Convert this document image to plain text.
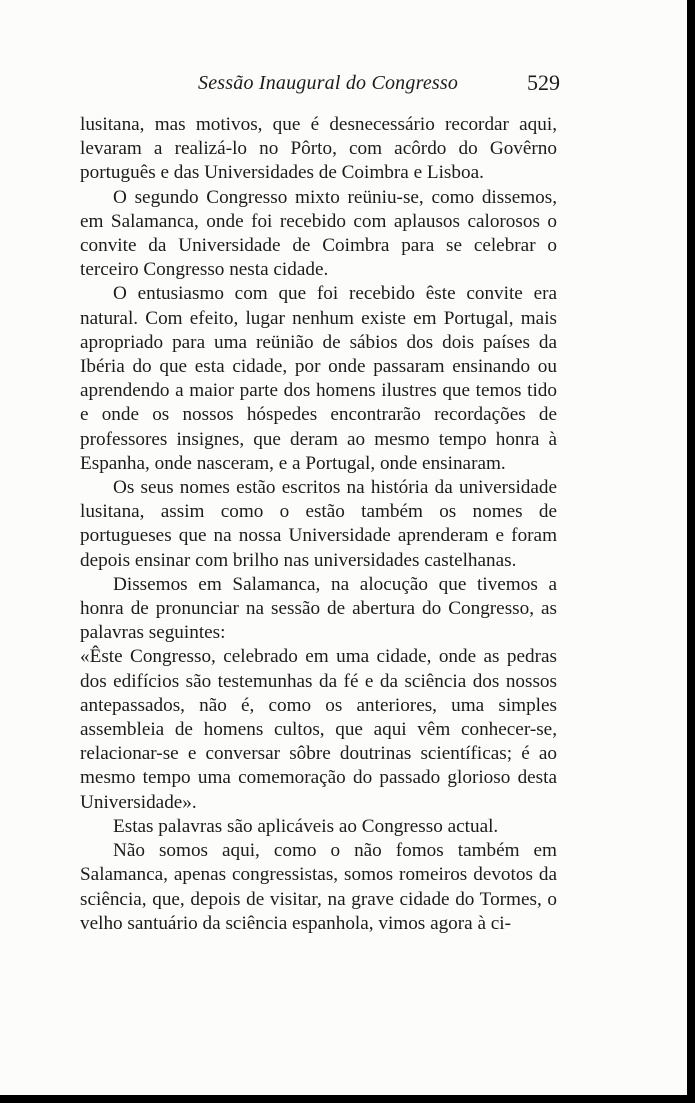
Sessão Inaugural do Congresso	529

lusitana, mas motivos, que é desnecessário recordar aqui, levaram a realizá-lo no Pôrto, com acôrdo do Govêrno português e das Universidades de Coimbra e Lisboa.

O segundo Congresso mixto reüniu-se, como dissemos, em Salamanca, onde foi recebido com aplausos calorosos o convite da Universidade de Coimbra para se celebrar o terceiro Congresso nesta cidade.

O entusiasmo com que foi recebido êste convite era natural. Com efeito, lugar nenhum existe em Portugal, mais apropriado para uma reünião de sábios dos dois países da Ibéria do que esta cidade, por onde passaram ensinando ou aprendendo a maior parte dos homens ilustres que temos tido e onde os nossos hóspedes encontrarão recordações de professores insignes, que deram ao mesmo tempo honra à Espanha, onde nasceram, e a Portugal, onde ensinaram.

Os seus nomes estão escritos na história da universidade lusitana, assim como o estão também os nomes de portugueses que na nossa Universidade aprenderam e foram depois ensinar com brilho nas universidades castelhanas.

Dissemos em Salamanca, na alocução que tivemos a honra de pronunciar na sessão de abertura do Congresso, as palavras seguintes:

«Êste Congresso, celebrado em uma cidade, onde as pedras dos edifícios são testemunhas da fé e da sciência dos nossos antepassados, não é, como os anteriores, uma simples assembleia de homens cultos, que aqui vêm conhecer-se, relacionar-se e conversar sôbre doutrinas scientíficas; é ao mesmo tempo uma comemoração do passado glorioso desta Universidade».

Estas palavras são aplicáveis ao Congresso actual.

Não somos aqui, como o não fomos também em Salamanca, apenas congressistas, somos romeiros devotos da sciência, que, depois de visitar, na grave cidade do Tormes, o velho santuário da sciência espanhola, vimos agora à ci-
